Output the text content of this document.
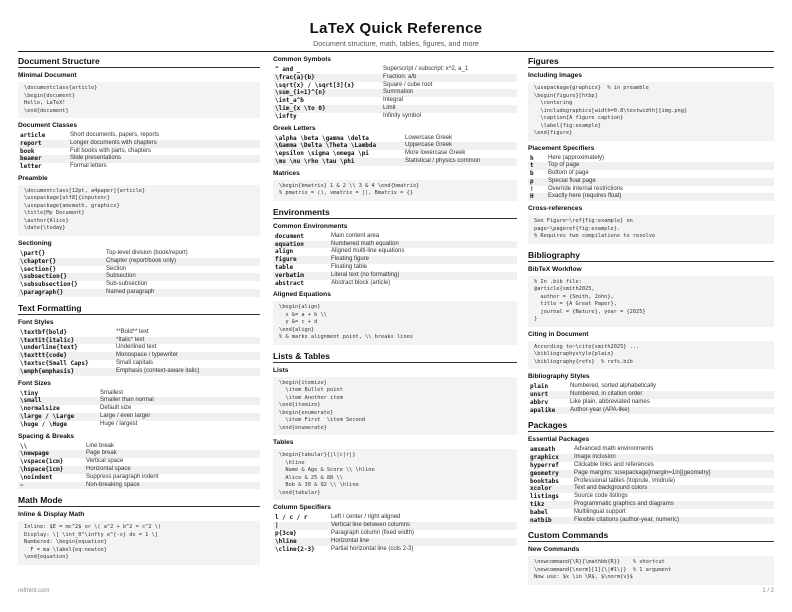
LaTeX Quick Reference
Document structure, math, tables, figures, and more
Document Structure
Minimal Document
\documentclass{article}
\begin{document}
Hello, LaTeX!
\end{document}
Document Classes
article	Short documents, papers, reports
report	Longer documents with chapters
book	Full books with parts, chapters
beamer	Slide presentations
letter	Formal letters
Preamble
\documentclass[12pt, a4paper]{article}
\usepackage[utf8]{inputenc}
\usepackage{amsmath, graphicx}
\title{My Document}
\author{Alice}
\date{\today}
Sectioning
\part{}	Top-level division (book/report)
\chapter{}	Chapter (report/book only)
\section{}	Section
\subsection{}	Subsection
\subsubsection{}	Sub-subsection
\paragraph{}	Named paragraph
Text Formatting
Font Styles
\textbf{bold}	**Bold** text
\textit{italic}	*Italic* text
\underline{text}	Underlined text
\texttt{code}	Monospace / typewriter
\textsc{Small Caps}	Small capitals
\emph{emphasis}	Emphasis (context-aware italic)
Font Sizes
\tiny	Smallest
\small	Smaller than normal
\normalsize	Default size
\large / \Large	Large / even larger
\huge / \Huge	Huge / largest
Spacing & Breaks
\\	Line break
\newpage	Page break
\vspace{1cm}	Vertical space
\hspace{1cm}	Horizontal space
\noindent	Suppress paragraph indent
~	Non-breaking space
Math Mode
Inline & Display Math
Inline: $E = mc^2$ or \( a^2 + b^2 = c^2 \)
Display: \[ \int_0^\infty e^{-x} dx = 1 \]
Numbered: \begin{equation}
F = ma \label{eq:newton}
\end{equation}
Common Symbols
^ and _	Superscript / subscript: x^2, a_1
\frac{a}{b}	Fraction: a/b
\sqrt{x} / \sqrt[3]{x}	Square / cube root
\sum_{i=1}^{n}	Summation
\int_a^b	Integral
\lim_{x \to 0}	Limit
\infty	Infinity symbol
Greek Letters
\alpha \beta \gamma \delta	Lowercase Greek
\Gamma \Delta \Theta \Lambda	Uppercase Greek
\epsilon \sigma \omega \pi	More lowercase Greek
\mu \nu \rho \tau \phi	Statistical / physics common
Matrices
\begin{bmatrix} 1 & 2 \\ 3 & 4 \end{bmatrix}
% pmatrix = (), vmatrix = ||, Bmatrix = {}
Environments
Common Environments
document	Main content area
equation	Numbered math equation
align	Aligned multi-line equations
figure	Floating figure
table	Floating table
verbatim	Literal text (no formatting)
abstract	Abstract block (article)
Aligned Equations
\begin{align}
x &= a + b \\
y &= c + d
\end{align}
% & marks alignment point, \\ breaks lines
Lists & Tables
Lists
\begin{itemize}
\item Bullet point
\item Another item
\end{itemize}
\begin{enumerate}
\item First  \item Second
\end{enumerate}
Tables
\begin{tabular}{|l|c|r|}
\hline
Name & Age & Score \\ \hline
Alice & 25 & 88 \\
Bob & 30 & 92 \\ \hline
\end{tabular}
Column Specifiers
l / c / r	Left / center / right aligned
|	Vertical line between columns
p{3cm}	Paragraph column (fixed width)
\hline	Horizontal line
\cline{2-3}	Partial horizontal line (cols 2-3)
Figures
Including Images
\usepackage{graphicx}  % in preamble
\begin{figure}[htbp]
\centering
\includegraphics[width=0.8\textwidth]{img.png}
\caption{A figure caption}
\label{fig:example}
\end{figure}
Placement Specifiers
h	Here (approximately)
t	Top of page
b	Bottom of page
p	Special float page
!	Override internal restrictions
H	Exactly here (requires float)
Cross-references
See Figure~\ref{fig:example} on
page~\pageref{fig:example}.
% Requires two compilations to resolve
Bibliography
BibTeX Workflow
% In .bib file:
@article{smith2025,
author = {Smith, John},
title = {A Great Paper},
journal = {Nature}, year = {2025}
}
Citing in Document
According to~\cite{smith2025} ...
\bibliographystyle{plain}
\bibliography{refs}  % refs.bib
Bibliography Styles
plain	Numbered, sorted alphabetically
unsrt	Numbered, in citation order
abbrv	Like plain, abbreviated names
apalike	Author-year (APA-like)
Packages
Essential Packages
amsmath	Advanced math environments
graphicx	Image inclusion
hyperref	Clickable links and references
geometry	Page margins: \usepackage[margin=1in]{geometry}
booktabs	Professional tables (\toprule, \midrule)
xcolor	Text and background colors
listings	Source code listings
tikz	Programmatic graphics and diagrams
babel	Multilingual support
natbib	Flexible citations (author-year, numeric)
Custom Commands
New Commands
\newcommand{\R}{\mathbb{R}}    % shortcut
\newcommand{\norm}[1]{\|#1\|}  % 1 argument
Now use: $x \in \R$, $\norm{v}$
refmint.com	1 / 2
